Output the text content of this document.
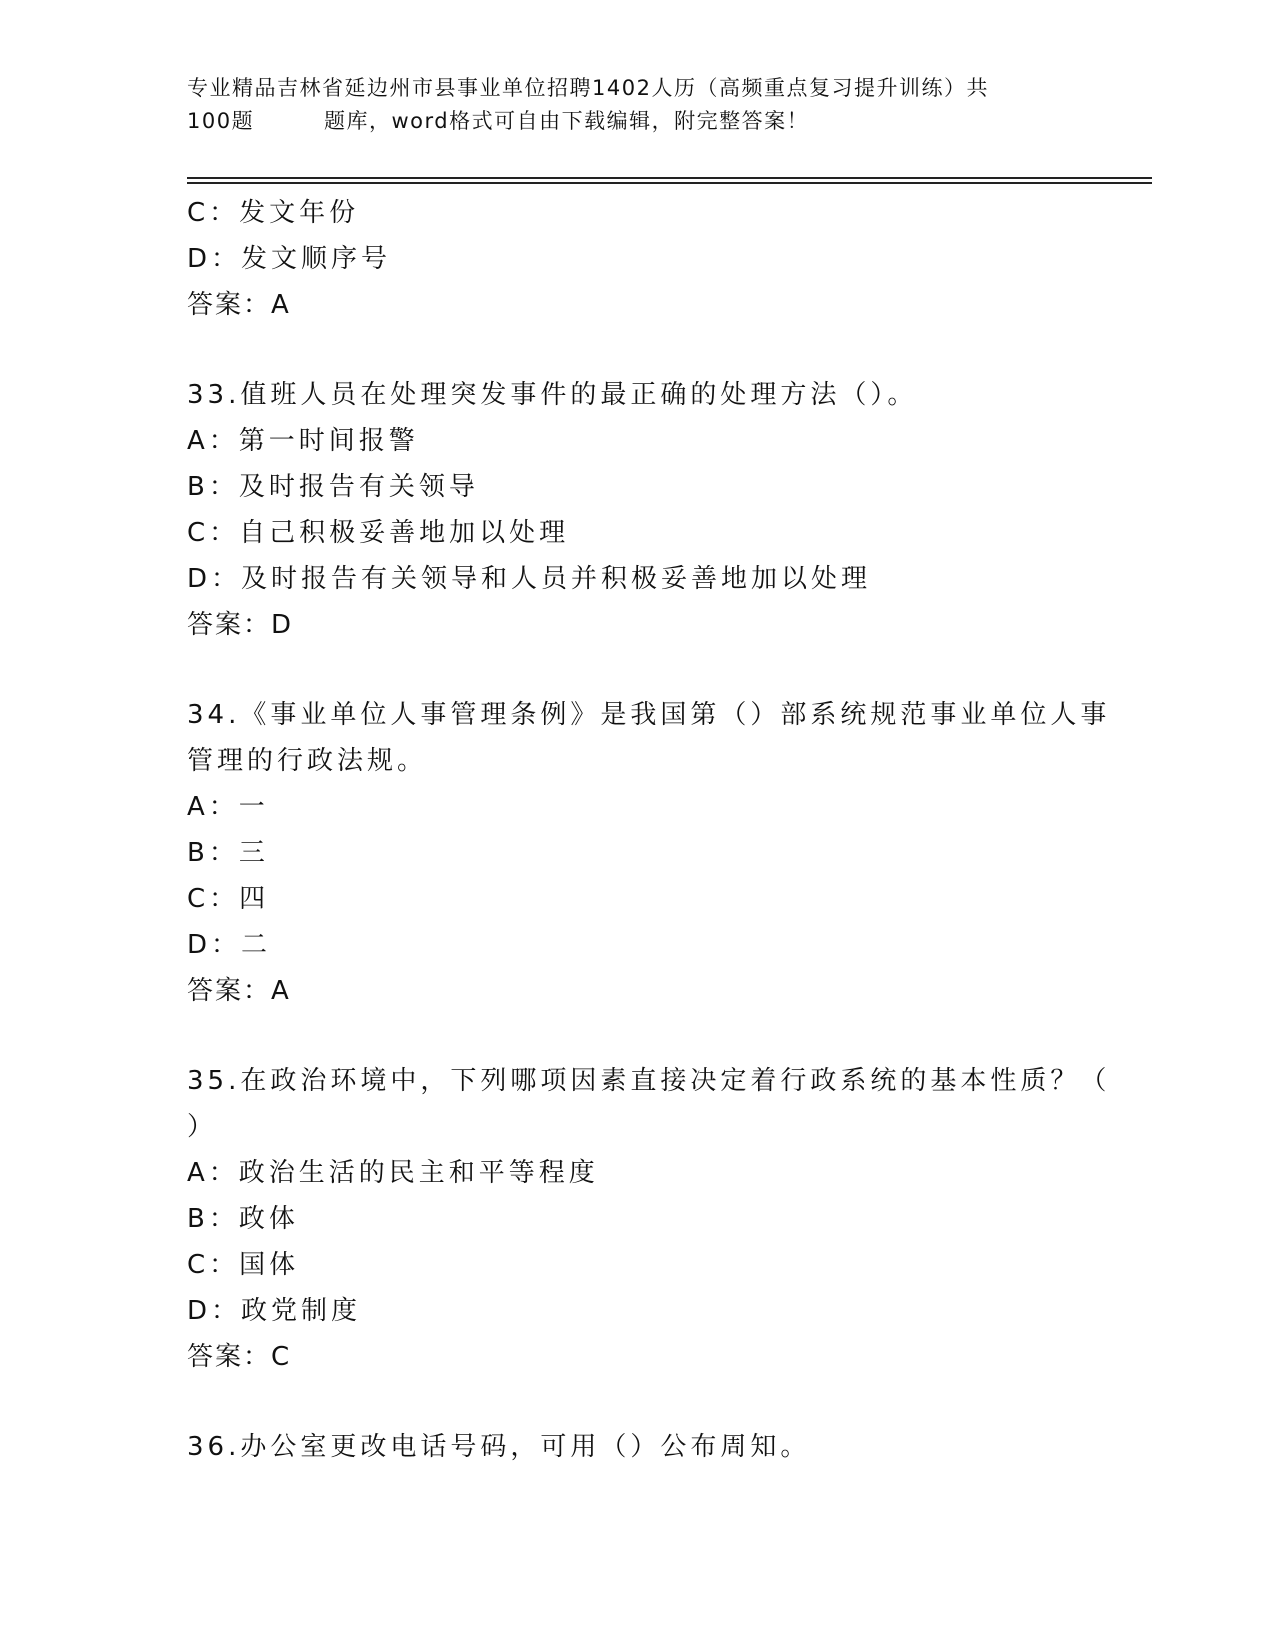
专业精品吉林省延边州市县事业单位招聘1402人历（高频重点复习提升训练）共
100题	题库，word格式可自由下载编辑，附完整答案！
C：发文年份
D：发文顺序号
答案：A
33.值班人员在处理突发事件的最正确的处理方法（）。
A：第一时间报警
B：及时报告有关领导
C：自己积极妥善地加以处理
D：及时报告有关领导和人员并积极妥善地加以处理
答案：D
34.《事业单位人事管理条例》是我国第（）部系统规范事业单位人事
管理的行政法规。
A：一
B：三
C：四
D：二
答案：A
35.在政治环境中，下列哪项因素直接决定着行政系统的基本性质？（
）
A：政治生活的民主和平等程度
B：政体
C：国体
D：政党制度
答案：C
36.办公室更改电话号码，可用（）公布周知。
